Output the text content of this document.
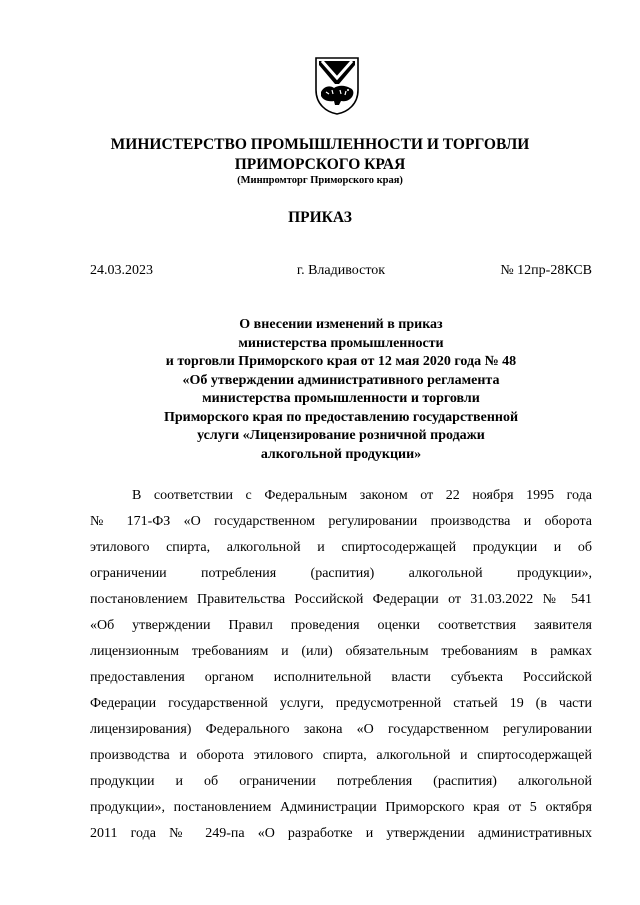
МИНИСТЕРСТВО ПРОМЫШЛЕННОСТИ И ТОРГОВЛИ
ПРИМОРСКОГО КРАЯ
(Минпромторг Приморского края)
ПРИКАЗ
24.03.2023	г. Владивосток	№ 12пр-28КСВ
О внесении изменений в приказ
министерства промышленности
и торговли Приморского края от 12 мая 2020 года № 48
«Об утверждении административного регламента
министерства промышленности и торговли
Приморского края по предоставлению государственной
услуги «Лицензирование розничной продажи
алкогольной продукции»
В соответствии с Федеральным законом от 22 ноября 1995 года
№ 171-ФЗ «О государственном регулировании производства и оборота
этилового спирта, алкогольной и спиртосодержащей продукции и об
ограничении потребления (распития) алкогольной продукции»,
постановлением Правительства Российской Федерации от 31.03.2022 № 541
«Об утверждении Правил проведения оценки соответствия заявителя
лицензионным требованиям и (или) обязательным требованиям в рамках
предоставления органом исполнительной власти субъекта Российской
Федерации государственной услуги, предусмотренной статьей 19 (в части
лицензирования) Федерального закона «О государственном регулировании
производства и оборота этилового спирта, алкогольной и спиртосодержащей
продукции и об ограничении потребления (распития) алкогольной
продукции», постановлением Администрации Приморского края от 5 октября
2011 года № 249-па «О разработке и утверждении административных
